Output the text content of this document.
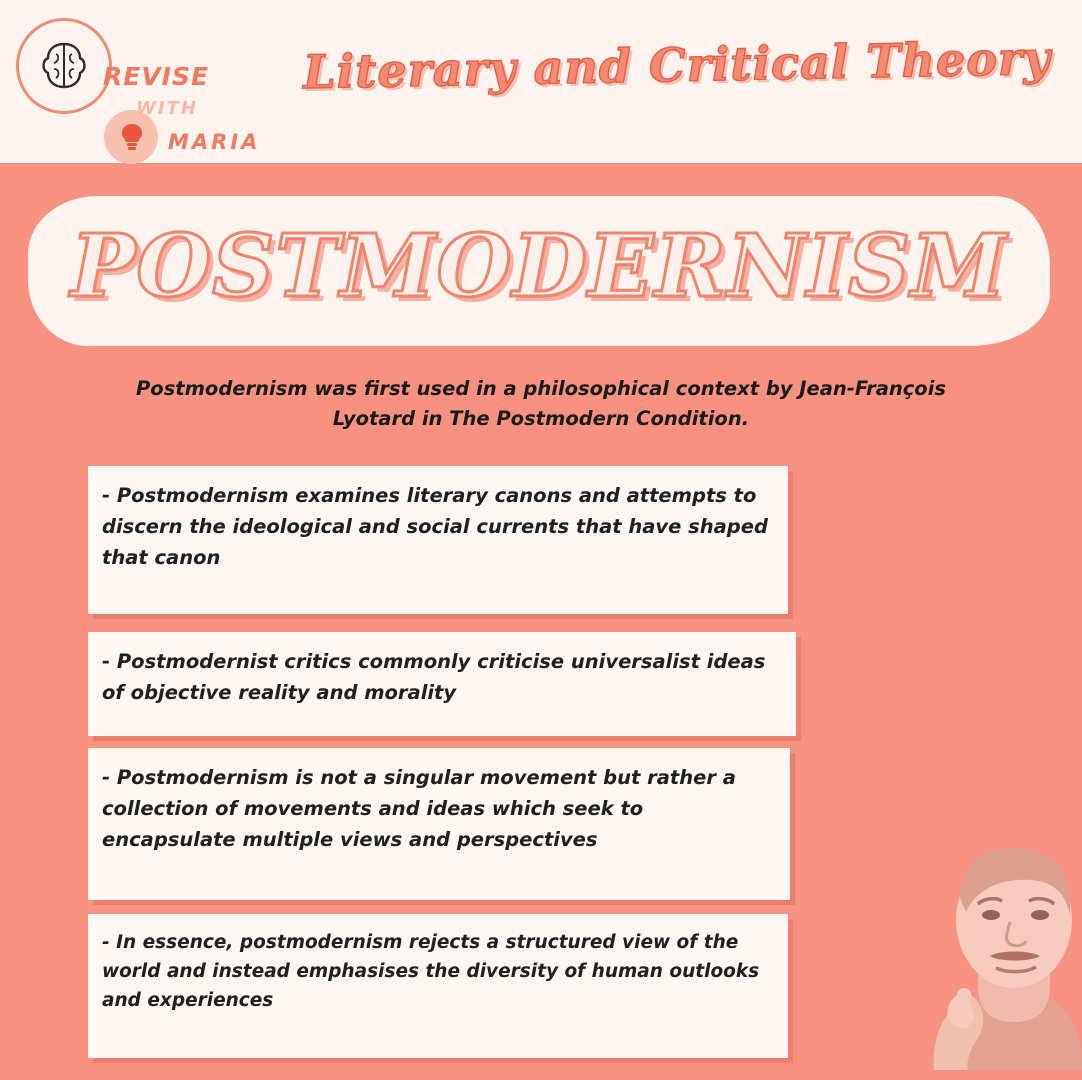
REVISE
WITH
MARIA
Literary and Critical Theory
POSTMODERNISM
Postmodernism was first used in a philosophical context by Jean-François Lyotard in The Postmodern Condition.

- Postmodernism examines literary canons and attempts to discern the ideological and social currents that have shaped that canon

- Postmodernist critics commonly criticise universalist ideas of objective reality and morality

- Postmodernism is not a singular movement but rather a collection of movements and ideas which seek to encapsulate multiple views and perspectives

- In essence, postmodernism rejects a structured view of the world and instead emphasises the diversity of human outlooks and experiences
